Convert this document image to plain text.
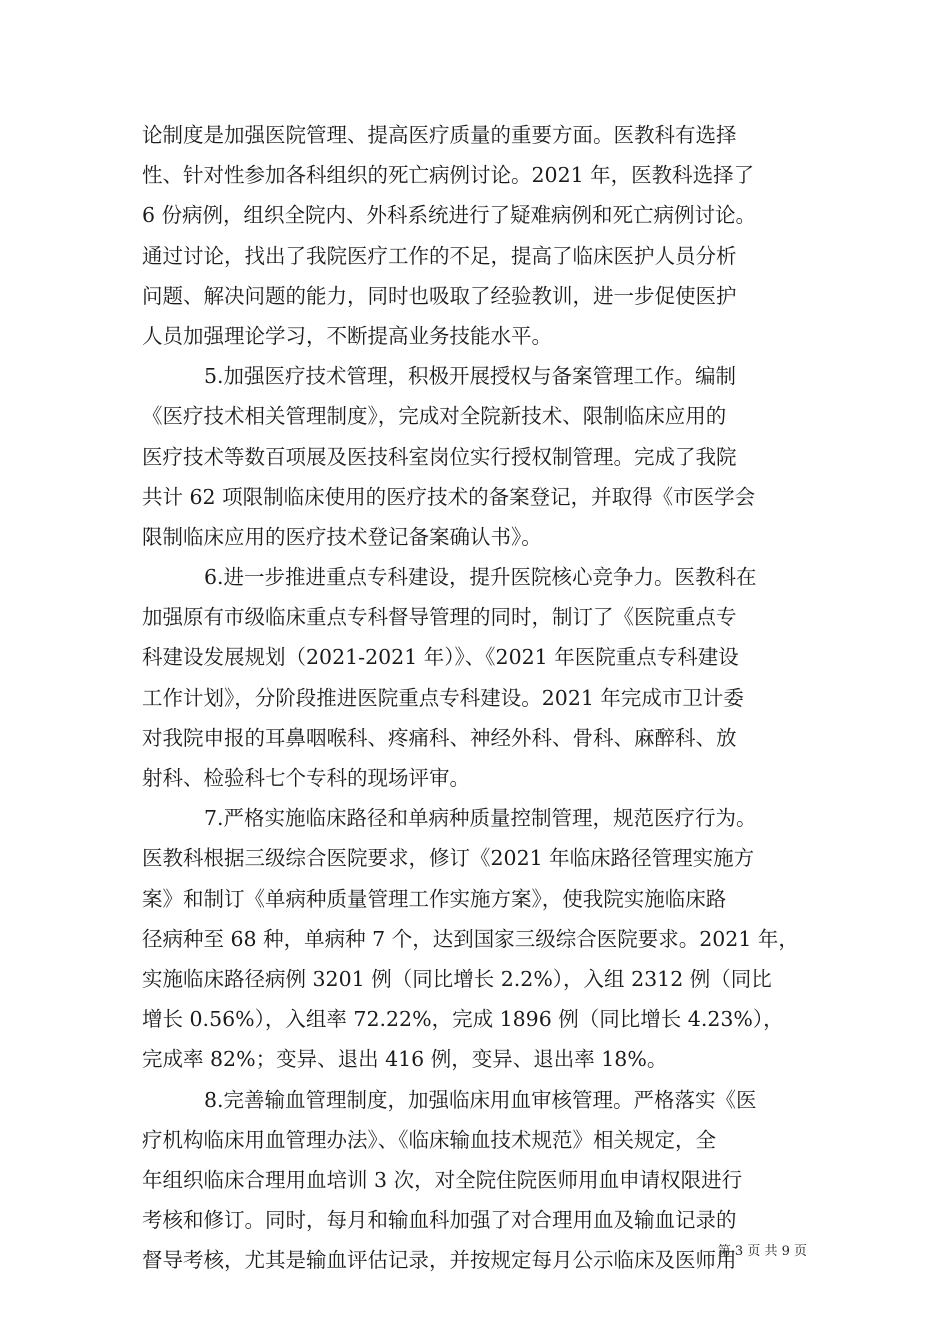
论制度是加强医院管理、提高医疗质量的重要方面。医教科有选择
性、针对性参加各科组织的死亡病例讨论。2021 年，医教科选择了
6 份病例，组织全院内、外科系统进行了疑难病例和死亡病例讨论。
通过讨论，找出了我院医疗工作的不足，提高了临床医护人员分析
问题、解决问题的能力，同时也吸取了经验教训，进一步促使医护
人员加强理论学习，不断提高业务技能水平。
5.加强医疗技术管理，积极开展授权与备案管理工作。编制
《医疗技术相关管理制度》，完成对全院新技术、限制临床应用的
医疗技术等数百项展及医技科室岗位实行授权制管理。完成了我院
共计 62 项限制临床使用的医疗技术的备案登记，并取得《市医学会
限制临床应用的医疗技术登记备案确认书》。
6.进一步推进重点专科建设，提升医院核心竞争力。医教科在
加强原有市级临床重点专科督导管理的同时，制订了《医院重点专
科建设发展规划（2021-2021 年）》、《2021 年医院重点专科建设
工作计划》，分阶段推进医院重点专科建设。2021 年完成市卫计委
对我院申报的耳鼻咽喉科、疼痛科、神经外科、骨科、麻醉科、放
射科、检验科七个专科的现场评审。
7.严格实施临床路径和单病种质量控制管理，规范医疗行为。
医教科根据三级综合医院要求，修订《2021 年临床路径管理实施方
案》和制订《单病种质量管理工作实施方案》，使我院实施临床路
径病种至 68 种，单病种 7 个，达到国家三级综合医院要求。2021 年，
实施临床路径病例 3201 例（同比增长 2.2%），入组 2312 例（同比
增长 0.56%），入组率 72.22%，完成 1896 例（同比增长 4.23%），
完成率 82%；变异、退出 416 例，变异、退出率 18%。
8.完善输血管理制度，加强临床用血审核管理。严格落实《医
疗机构临床用血管理办法》、《临床输血技术规范》相关规定，全
年组织临床合理用血培训 3 次，对全院住院医师用血申请权限进行
考核和修订。同时，每月和输血科加强了对合理用血及输血记录的
督导考核，尤其是输血评估记录，并按规定每月公示临床及医师用
第 3 页 共 9 页
